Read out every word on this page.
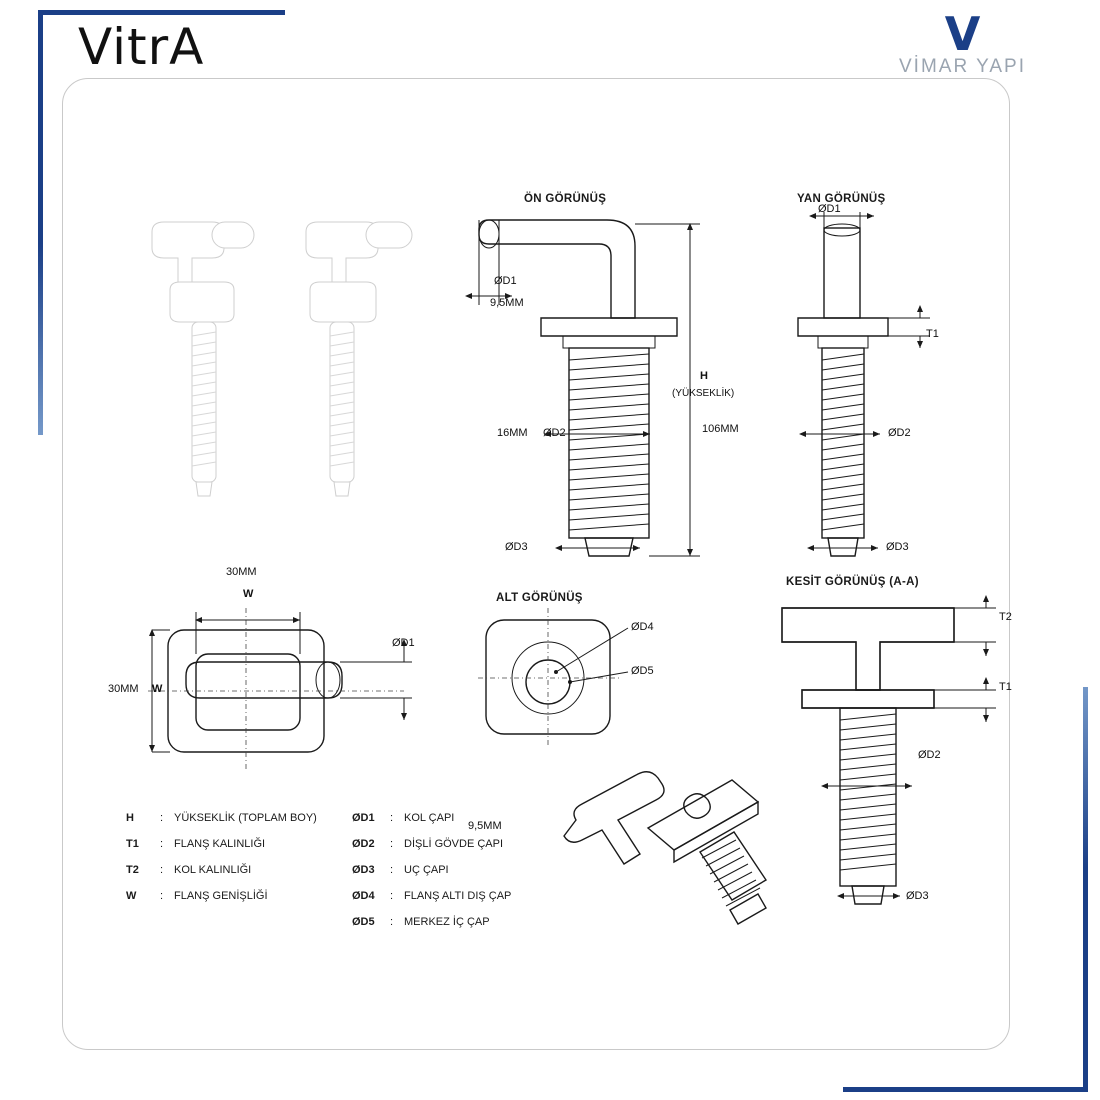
VitrA	V
VİMAR YAPI
ÖN GÖRÜNÜŞ	YAN GÖRÜNÜŞ
ALT GÖRÜNÜŞ
KESİT GÖRÜNÜŞ (A-A)
ØD1
9,5MM
H
(YÜKSEKLİK)
106MM
16MM ØD2
ØD3
ØD1
T1
ØD2
ØD3
30MM
W
30MM W
ØD1
ØD4
ØD5
T2
T1
ØD2
ØD3
H	: YÜKSEKLİK (TOPLAM BOY)
T1	: FLANŞ KALINLIĞI
T2	: KOL KALINLIĞI
W	: FLANŞ GENİŞLİĞİ
ØD1	: KOL ÇAPI
ØD2	: DİŞLİ GÖVDE ÇAPI
ØD3	: UÇ ÇAPI
ØD4	: FLANŞ ALTI DIŞ ÇAP
ØD5	: MERKEZ İÇ ÇAP
9,5MM
